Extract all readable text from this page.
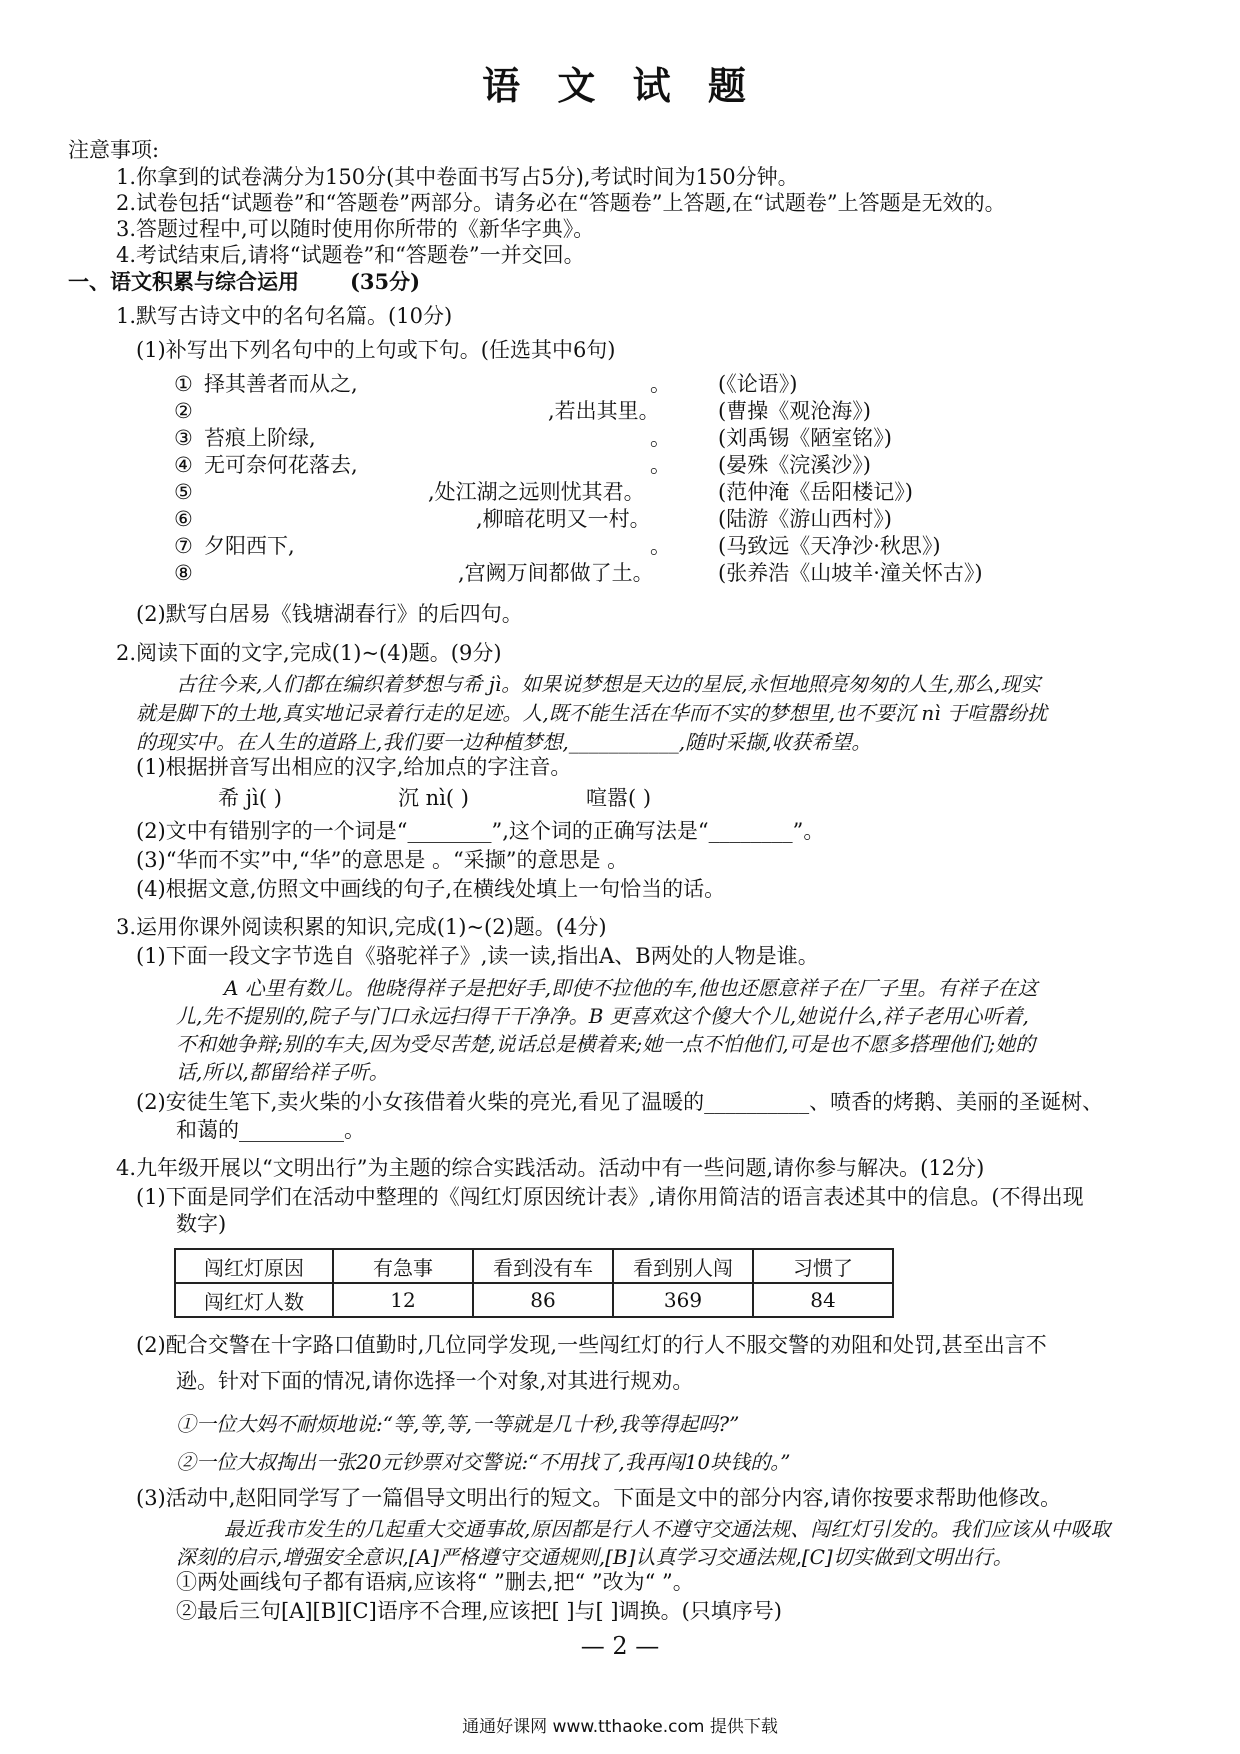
语 文 试 题
注意事项:
1.你拿到的试卷满分为150分(其中卷面书写占5分),考试时间为150分钟。
2.试卷包括“试题卷”和“答题卷”两部分。请务必在“答题卷”上答题,在“试题卷”上答题是无效的。
3.答题过程中,可以随时使用你所带的《新华字典》。
4.考试结束后,请将“试题卷”和“答题卷”一并交回。
一、语文积累与综合运用 (35分)
1.默写古诗文中的名句名篇。(10分)
(1)补写出下列名句中的上句或下句。(任选其中6句)
① 择其善者而从之,	。 (《论语》)
②	,若出其里。	(曹操《观沧海》)
③ 苔痕上阶绿,	。 (刘禹锡《陋室铭》)
④ 无可奈何花落去,	。 (晏殊《浣溪沙》)
⑤	,处江湖之远则忧其君。	(范仲淹《岳阳楼记》)
⑥	,柳暗花明又一村。	(陆游《游山西村》)
⑦ 夕阳西下,	。 (马致远《天净沙·秋思》)
⑧	,宫阙万间都做了土。	(张养浩《山坡羊·潼关怀古》)
(2)默写白居易《钱塘湖春行》的后四句。
2.阅读下面的文字,完成(1)~(4)题。(9分)
古往今来,人们都在编织着梦想与希 jì。如果说梦想是天边的星辰,永恒地照亮匆匆的人生,那么,现实
就是脚下的土地,真实地记录着行走的足迹。人,既不能生活在华而不实的梦想里,也不要沉 nì 于喧嚣纷扰
的现实中。在人生的道路上,我们要一边种植梦想,___________,随时采撷,收获希望。
(1)根据拼音写出相应的汉字,给加点的字注音。
希 jì( )	沉 nì( )	喧嚣( )
(2)文中有错别字的一个词是“________”,这个词的正确写法是“________”。
(3)“华而不实”中,“华”的意思是 。“采撷”的意思是 。
(4)根据文意,仿照文中画线的句子,在横线处填上一句恰当的话。
3.运用你课外阅读积累的知识,完成(1)~(2)题。(4分)
(1)下面一段文字节选自《骆驼祥子》,读一读,指出A、B两处的人物是谁。
A 心里有数儿。他晓得祥子是把好手,即使不拉他的车,他也还愿意祥子在厂子里。有祥子在这
儿,先不提别的,院子与门口永远扫得干干净净。B 更喜欢这个傻大个儿,她说什么,祥子老用心听着,
不和她争辩;别的车夫,因为受尽苦楚,说话总是横着来;她一点不怕他们,可是也不愿多搭理他们;她的
话,所以,都留给祥子听。
(2)安徒生笔下,卖火柴的小女孩借着火柴的亮光,看见了温暖的__________、喷香的烤鹅、美丽的圣诞树、
和蔼的__________。
4.九年级开展以“文明出行”为主题的综合实践活动。活动中有一些问题,请你参与解决。(12分)
(1)下面是同学们在活动中整理的《闯红灯原因统计表》,请你用简洁的语言表述其中的信息。(不得出现
数字)
闯红灯原因	有急事	看到没有车	看到别人闯	习惯了
闯红灯人数	12	86	369	84
(2)配合交警在十字路口值勤时,几位同学发现,一些闯红灯的行人不服交警的劝阻和处罚,甚至出言不
逊。针对下面的情况,请你选择一个对象,对其进行规劝。
①一位大妈不耐烦地说:“等,等,等,一等就是几十秒,我等得起吗?”
②一位大叔掏出一张20元钞票对交警说:“不用找了,我再闯10块钱的。”
(3)活动中,赵阳同学写了一篇倡导文明出行的短文。下面是文中的部分内容,请你按要求帮助他修改。
最近我市发生的几起重大交通事故,原因都是行人不遵守交通法规、闯红灯引发的。我们应该从中吸取
深刻的启示,增强安全意识,[A]严格遵守交通规则,[B]认真学习交通法规,[C]切实做到文明出行。
①两处画线句子都有语病,应该将“ ”删去,把“ ”改为“ ”。
②最后三句[A][B][C]语序不合理,应该把[ ]与[ ]调换。(只填序号)
— 2 —
通通好课网 www.tthaoke.com 提供下载
